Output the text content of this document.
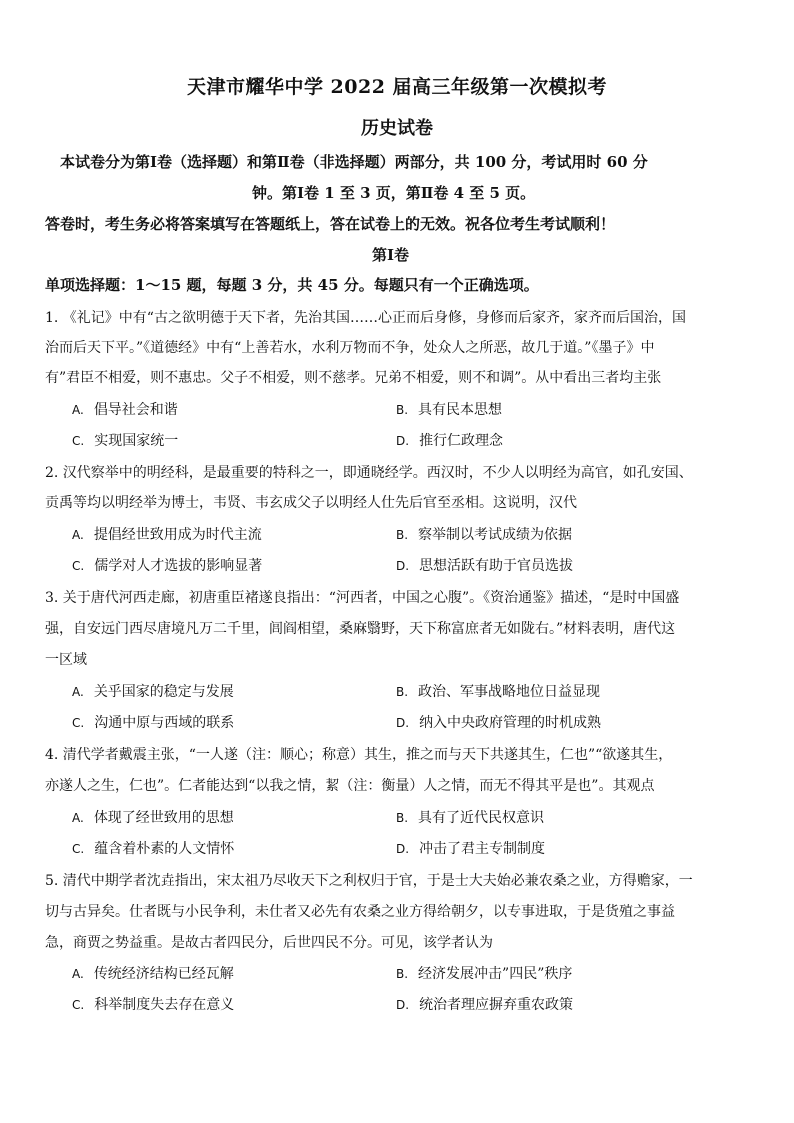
天津市耀华中学 2022 届高三年级第一次模拟考
历史试卷
本试卷分为第Ⅰ卷（选择题）和第Ⅱ卷（非选择题）两部分，共 100 分，考试用时 60 分
钟。第Ⅰ卷 1 至 3 页，第Ⅱ卷 4 至 5 页。
答卷时，考生务必将答案填写在答题纸上，答在试卷上的无效。祝各位考生考试顺利！
第Ⅰ卷
单项选择题：1～15 题，每题 3 分，共 45 分。每题只有一个正确选项。
1. 《礼记》中有“古之欲明德于天下者，先治其国……心正而后身修，身修而后家齐，家齐而后国治，国
治而后天下平。”《道德经》中有“上善若水，水利万物而不争，处众人之所恶，故几于道。”《墨子》中
有”君臣不相爱，则不惠忠。父子不相爱，则不慈孝。兄弟不相爱，则不和调”。从中看出三者均主张
A. 倡导社会和谐	B. 具有民本思想
C. 实现国家统一	D. 推行仁政理念
2. 汉代察举中的明经科，是最重要的特科之一，即通晓经学。西汉时，不少人以明经为高官，如孔安国、
贡禹等均以明经举为博士，韦贤、韦玄成父子以明经人仕先后官至丞相。这说明，汉代
A. 提倡经世致用成为时代主流	B. 察举制以考试成绩为依据
C. 儒学对人才选拔的影响显著	D. 思想活跃有助于官员选拔
3. 关于唐代河西走廊，初唐重臣褚遂良指出：“河西者，中国之心腹”。《资治通鉴》描述，“是时中国盛
强，自安远门西尽唐境凡万二千里，闾阎相望，桑麻翳野，天下称富庶者无如陇右。”材料表明，唐代这
一区域
A. 关乎国家的稳定与发展	B. 政治、军事战略地位日益显现
C. 沟通中原与西域的联系	D. 纳入中央政府管理的时机成熟
4. 清代学者戴震主张，“一人遂（注：顺心；称意）其生，推之而与天下共遂其生，仁也”“欲遂其生，
亦遂人之生，仁也”。仁者能达到“以我之情，絜（注：衡量）人之情，而无不得其平是也”。其观点
A. 体现了经世致用的思想	B. 具有了近代民权意识
C. 蕴含着朴素的人文情怀	D. 冲击了君主专制制度
5. 清代中期学者沈垚指出，宋太祖乃尽收天下之利权归于官，于是士大夫始必兼农桑之业，方得赡家，一
切与古异矣。仕者既与小民争利，未仕者又必先有农桑之业方得给朝夕，以专事进取，于是货殖之事益
急，商贾之势益重。是故古者四民分，后世四民不分。可见，该学者认为
A. 传统经济结构已经瓦解	B. 经济发展冲击”四民”秩序
C. 科举制度失去存在意义	D. 统治者理应摒弃重农政策
